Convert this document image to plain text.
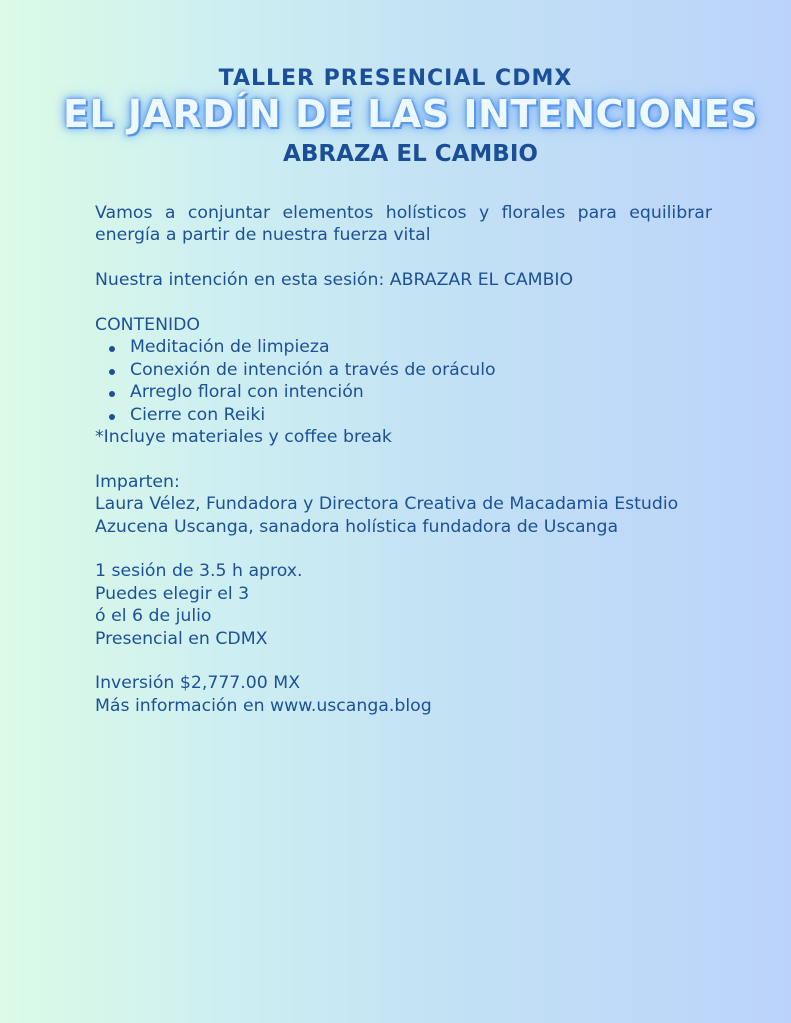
TALLER PRESENCIAL CDMX
EL JARDÍN DE LAS INTENCIONES
ABRAZA EL CAMBIO

Vamos a conjuntar elementos holísticos y florales para equilibrar energía a partir de nuestra fuerza vital

Nuestra intención en esta sesión: ABRAZAR EL CAMBIO

CONTENIDO

Meditación de limpieza
Conexión de intención a través de oráculo
Arreglo floral con intención
Cierre con Reiki

*Incluye materiales y coffee break

Imparten:

Laura Vélez, Fundadora y Directora Creativa de Macadamia Estudio

Azucena Uscanga, sanadora holística fundadora de Uscanga

1 sesión de 3.5 h aprox.

Puedes elegir el 3

ó el 6 de julio

Presencial en CDMX

Inversión $2,777.00 MX

Más información en www.uscanga.blog
